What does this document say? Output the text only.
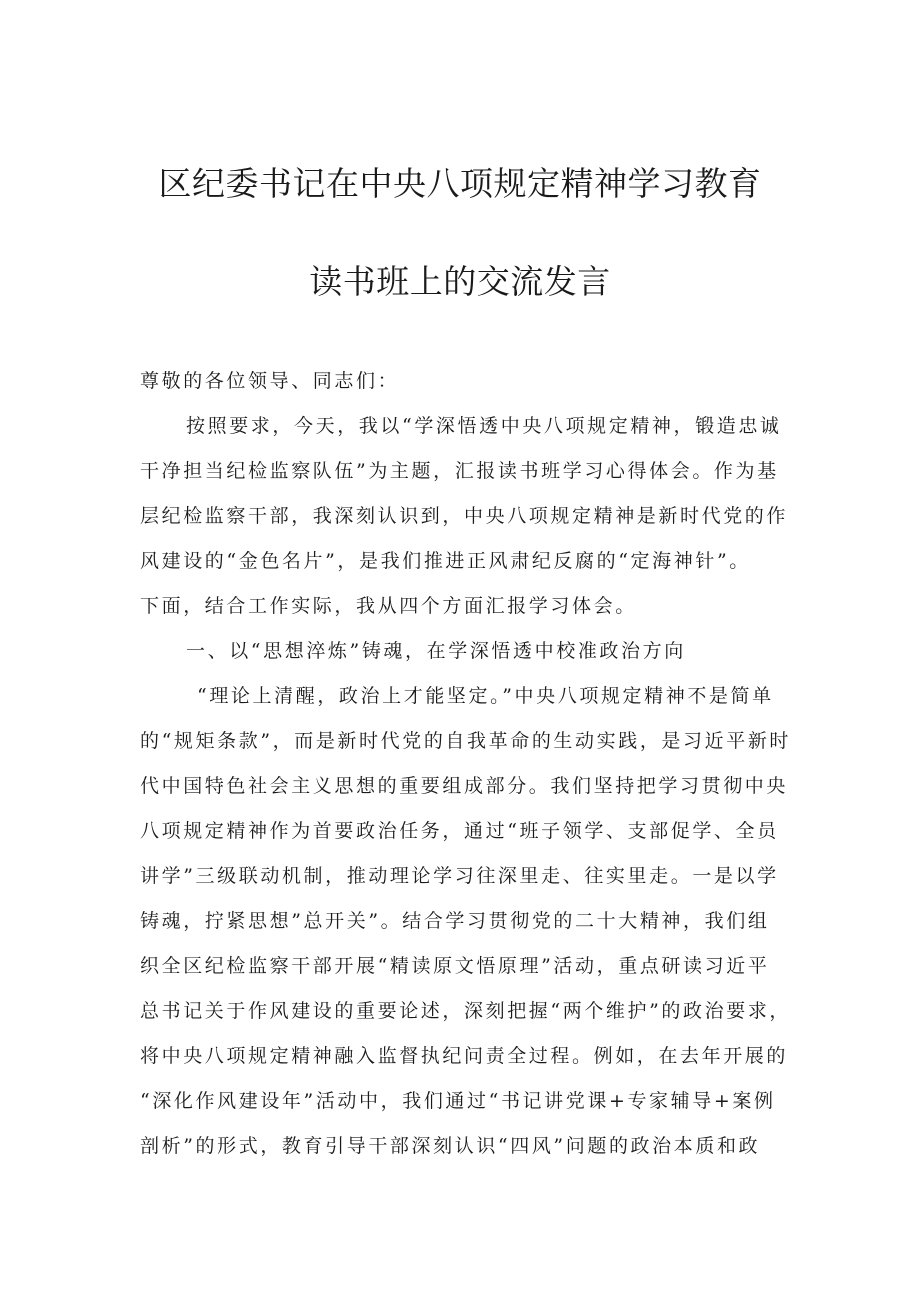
区纪委书记在中央八项规定精神学习教育
读书班上的交流发言
尊敬的各位领导、同志们：
按照要求，今天，我以“学深悟透中央八项规定精神，锻造忠诚
干净担当纪检监察队伍”为主题，汇报读书班学习心得体会。作为基
层纪检监察干部，我深刻认识到，中央八项规定精神是新时代党的作
风建设的“金色名片”，是我们推进正风肃纪反腐的“定海神针”。
下面，结合工作实际，我从四个方面汇报学习体会。
一、以“思想淬炼”铸魂，在学深悟透中校准政治方向
“理论上清醒，政治上才能坚定。”中央八项规定精神不是简单
的“规矩条款”，而是新时代党的自我革命的生动实践，是习近平新时
代中国特色社会主义思想的重要组成部分。我们坚持把学习贯彻中央
八项规定精神作为首要政治任务，通过“班子领学、支部促学、全员
讲学”三级联动机制，推动理论学习往深里走、往实里走。一是以学
铸魂，拧紧思想”总开关”。结合学习贯彻党的二十大精神，我们组
织全区纪检监察干部开展“精读原文悟原理”活动，重点研读习近平
总书记关于作风建设的重要论述，深刻把握“两个维护”的政治要求，
将中央八项规定精神融入监督执纪问责全过程。例如，在去年开展的
“深化作风建设年”活动中，我们通过“书记讲党课+专家辅导+案例
剖析”的形式，教育引导干部深刻认识“四风”问题的政治本质和政
